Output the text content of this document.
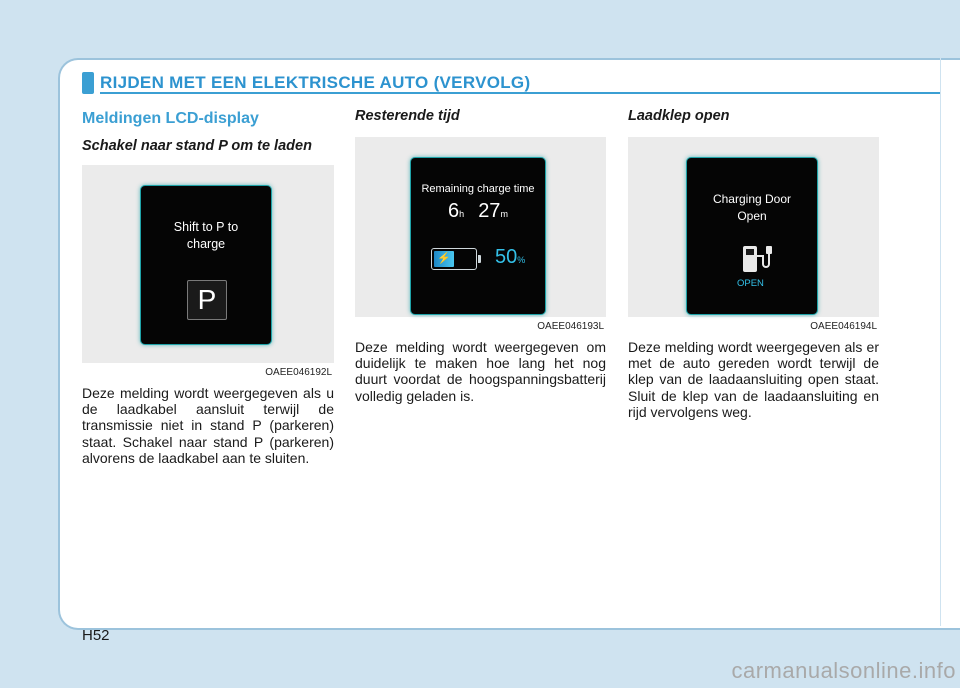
RIJDEN MET EEN ELEKTRISCHE AUTO (VERVOLG)
Meldingen LCD-display
Schakel naar stand P om te laden
Shift to P to
charge
P
OAEE046192L
Deze melding wordt weergegeven als u de laadkabel aansluit terwijl de transmissie niet in stand P (parkeren) staat. Schakel naar stand P (parkeren) alvorens de laadkabel aan te sluiten.
Resterende tijd
Remaining charge time
6h 27m
⚡ 50%
OAEE046193L
Deze melding wordt weergegeven om duidelijk te maken hoe lang het nog duurt voordat de hoogspanningsbatterij volledig geladen is.
Laadklep open
Charging Door
Open
OPEN
OAEE046194L
Deze melding wordt weergegeven als er met de auto gereden wordt terwijl de klep van de laadaansluiting open staat. Sluit de klep van de laadaansluiting en rijd vervolgens weg.
H52
carmanualsonline.info
